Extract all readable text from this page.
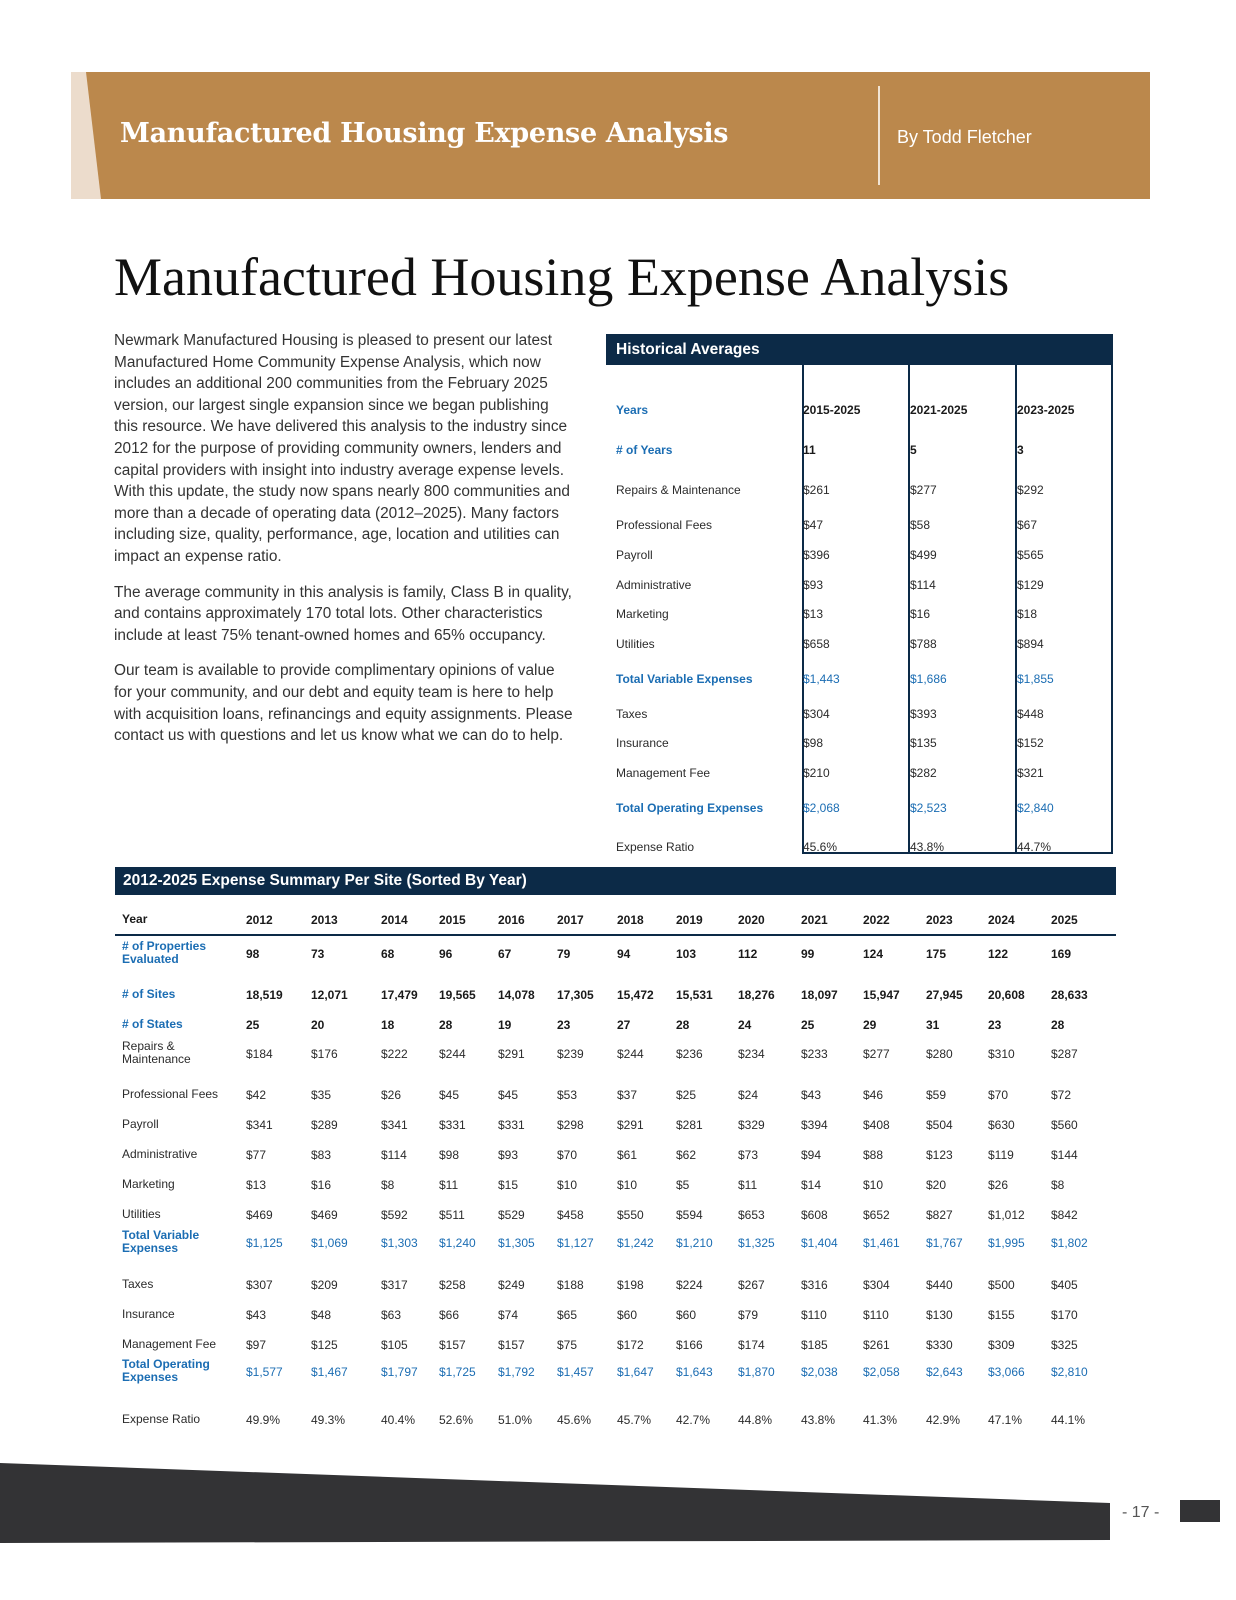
Manufactured Housing Expense Analysis	By Todd Fletcher
Manufactured Housing Expense Analysis

Newmark Manufactured Housing is pleased to present our latest Manufactured Home Community Expense Analysis, which now includes an additional 200 communities from the February 2025 version, our largest single expansion since we began publishing this resource. We have delivered this analysis to the industry since 2012 for the purpose of providing community owners, lenders and capital providers with insight into industry average expense levels. With this update, the study now spans nearly 800 communities and more than a decade of operating data (2012–2025). Many factors including size, quality, performance, age, location and utilities can impact an expense ratio.

The average community in this analysis is family, Class B in quality, and contains approximately 170 total lots. Other characteristics include at least 75% tenant-owned homes and 65% occupancy.

Our team is available to provide complimentary opinions of value for your community, and our debt and equity team is here to help with acquisition loans, refinancings and equity assignments. Please contact us with questions and let us know what we can do to help.

Historical Averages
Years	2015-2025	2021-2025	2023-2025
# of Years	11	5	3
Repairs & Maintenance	$261	$277	$292
Professional Fees	$47	$58	$67
Payroll	$396	$499	$565
Administrative	$93	$114	$129
Marketing	$13	$16	$18
Utilities	$658	$788	$894
Total Variable Expenses	$1,443	$1,686	$1,855
Taxes	$304	$393	$448
Insurance	$98	$135	$152
Management Fee	$210	$282	$321
Total Operating Expenses	$2,068	$2,523	$2,840
Expense Ratio	45.6%	43.8%	44.7%
2012-2025 Expense Summary Per Site (Sorted By Year)
Year	2012	2013	2014	2015	2016	2017	2018	2019	2020	2021	2022	2023	2024	2025
# of Properties Evaluated	98	73	68	96	67	79	94	103	112	99	124	175	122	169
# of Sites	18,519 12,071	17,479 19,565 14,078 17,305 15,472 15,531 18,276 18,097 15,947 27,945 20,608 28,633
# of States	25	20	18	28	19	23	27	28	24	25	29	31	23	28
Repairs & Maintenance	$184	$176	$222	$244	$291	$239	$244	$236	$234	$233	$277	$280	$310	$287
Professional Fees $42	$35	$26	$45	$45	$53	$37	$25	$24	$43	$46	$59	$70	$72
Payroll	$341	$289	$341	$331	$331	$298	$291	$281	$329	$394	$408	$504	$630	$560
Administrative	$77	$83	$114	$98	$93	$70	$61	$62	$73	$94	$88	$123	$119	$144
Marketing	$13	$16	$8	$11	$15	$10	$10	$5	$11	$14	$10	$20	$26	$8
Utilities	$469	$469	$592	$511	$529	$458	$550	$594	$653	$608	$652	$827	$1,012 $842
Total Variable Expenses	$1,125 $1,069	$1,303 $1,240 $1,305 $1,127 $1,242 $1,210 $1,325 $1,404 $1,461 $1,767 $1,995 $1,802
Taxes	$307	$209	$317	$258	$249	$188	$198	$224	$267	$316	$304	$440	$500	$405
Insurance	$43	$48	$63	$66	$74	$65	$60	$60	$79	$110	$110	$130	$155	$170
Management Fee $97	$125	$105	$157	$157	$75	$172	$166	$174	$185	$261	$330	$309	$325
Total Operating Expenses	$1,577 $1,467	$1,797 $1,725 $1,792 $1,457 $1,647 $1,643 $1,870 $2,038 $2,058 $2,643 $3,066 $2,810
Expense Ratio	49.9%	49.3%	40.4% 52.6% 51.0% 45.6% 45.7% 42.7% 44.8% 43.8% 41.3% 42.9% 47.1% 44.1%
- 17 -
